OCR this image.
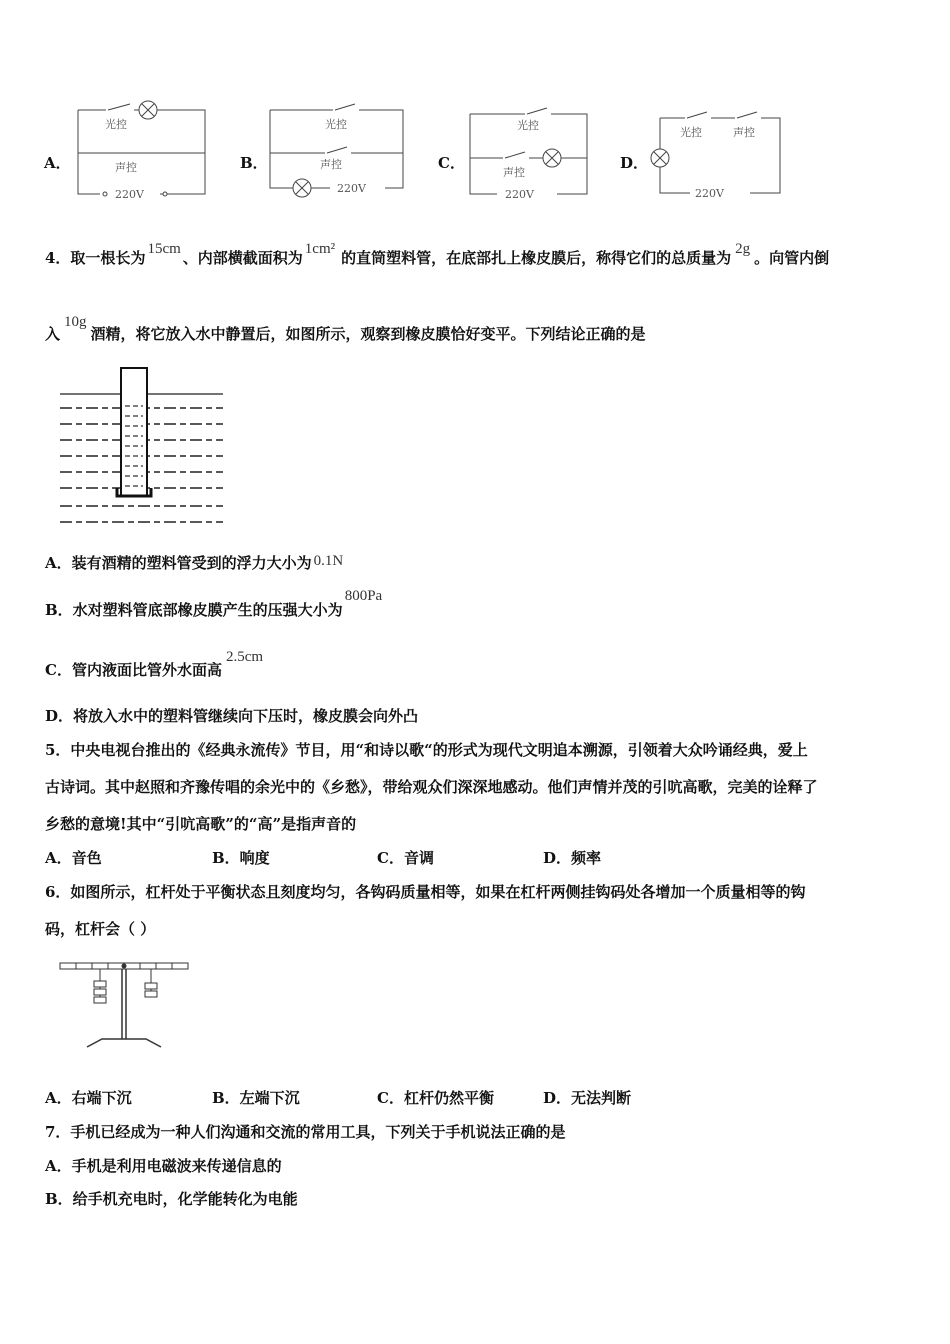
A．
光控
声控
220V
B．
光控
声控
220V
C．
光控
声控
220V
D．
光控	声控
220V
4．取一根长为 15cm 、内部横截面积为 1cm² 的直筒塑料管，在底部扎上橡皮膜后，称得它们的总质量为 2g 。向管内倒
入10g酒精，将它放入水中静置后，如图所示，观察到橡皮膜恰好变平。下列结论正确的是
A．装有酒精的塑料管受到的浮力大小为 0.1N
B．水对塑料管底部橡皮膜产生的压强大小为800Pa
C．管内液面比管外水面高2.5cm
D．将放入水中的塑料管继续向下压时，橡皮膜会向外凸
5．中央电视台推出的《经典永流传》节目，用“和诗以歌“的形式为现代文明追本溯源，引领着大众吟诵经典，爱上
古诗词。其中赵照和齐豫传唱的余光中的《乡愁》，带给观众们深深地感动。他们声情并茂的引吭高歌，完美的诠释了
乡愁的意境!其中“引吭高歌”的“高”是指声音的
A．音色	B．响度	C．音调	D．频率
6．如图所示，杠杆处于平衡状态且刻度均匀，各钩码质量相等，如果在杠杆两侧挂钩码处各增加一个质量相等的钩
码，杠杆会（ ）
A．右端下沉	B．左端下沉	C．杠杆仍然平衡	D．无法判断
7．手机已经成为一种人们沟通和交流的常用工具，下列关于手机说法正确的是
A．手机是利用电磁波来传递信息的
B．给手机充电时，化学能转化为电能
